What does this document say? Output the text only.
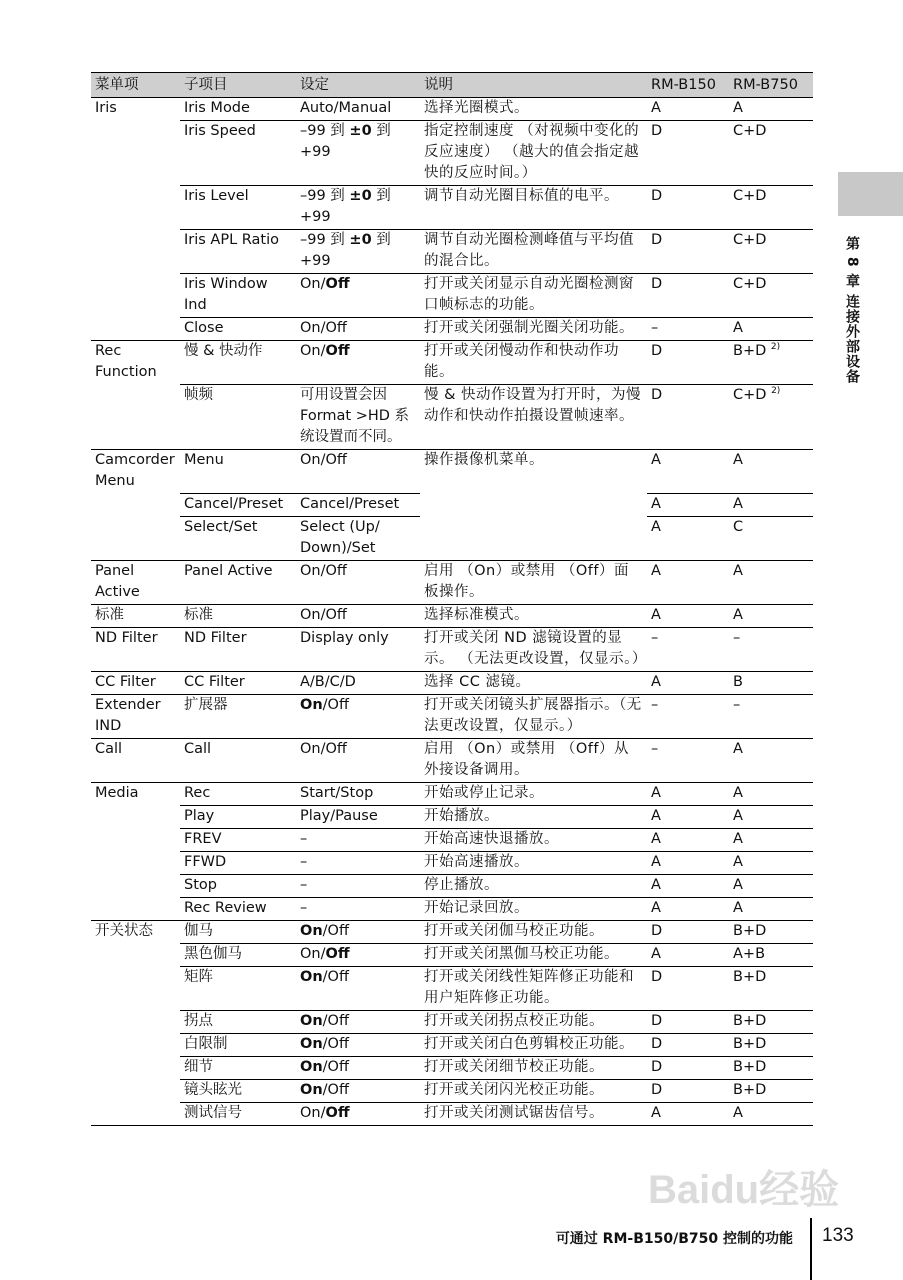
菜单项	子项目	设定	说明	RM-B150	RM-B750
Iris	Iris Mode	Auto/Manual	选择光圈模式。	A	A
	Iris Speed	–99 到 ±0 到 +99	指定控制速度 （对视频中变化的反应速度） （越大的值会指定越快的反应时间。）	D	C+D
	Iris Level	–99 到 ±0 到 +99	调节自动光圈目标值的电平。	D	C+D
	Iris APL Ratio	–99 到 ±0 到 +99	调节自动光圈检测峰值与平均值的混合比。	D	C+D
	Iris Window Ind	On/Off	打开或关闭显示自动光圈检测窗口帧标志的功能。	D	C+D
	Close	On/Off	打开或关闭强制光圈关闭功能。	–	A
Rec Function	慢 & 快动作	On/Off	打开或关闭慢动作和快动作功能。	D	B+D $^{2)}$
	帧频	可用设置会因 Format >HD 系统设置而不同。	慢 & 快动作设置为打开时，为慢动作和快动作拍摄设置帧速率。	D	C+D $^{2)}$
Camcorder Menu	Menu	On/Off	操作摄像机菜单。	A	A
	Cancel/Preset	Cancel/Preset		A	A
	Select/Set	Select (Up/ Down)/Set		A	C
Panel Active	Panel Active	On/Off	启用 （On）或禁用 （Off）面板操作。	A	A
标准	标准	On/Off	选择标准模式。	A	A
ND Filter	ND Filter	Display only	打开或关闭 ND 滤镜设置的显示。 （无法更改设置，仅显示。）	–	–
CC Filter	CC Filter	A/B/C/D	选择 CC 滤镜。	A	B
Extender IND	扩展器	On/Off	打开或关闭镜头扩展器指示。（无法更改设置，仅显示。）	–	–
Call	Call	On/Off	启用 （On）或禁用 （Off）从外接设备调用。	–	A
Media	Rec	Start/Stop	开始或停止记录。	A	A
	Play	Play/Pause	开始播放。	A	A
	FREV	–	开始高速快退播放。	A	A
	FFWD	–	开始高速播放。	A	A
	Stop	–	停止播放。	A	A
	Rec Review	–	开始记录回放。	A	A
开关状态	伽马	On/Off	打开或关闭伽马校正功能。	D	B+D
	黑色伽马	On/Off	打开或关闭黑伽马校正功能。	A	A+B
	矩阵	On/Off	打开或关闭线性矩阵修正功能和用户矩阵修正功能。	D	B+D
	拐点	On/Off	打开或关闭拐点校正功能。	D	B+D
	白限制	On/Off	打开或关闭白色剪辑校正功能。	D	B+D
	细节	On/Off	打开或关闭细节校正功能。	D	B+D
	镜头眩光	On/Off	打开或关闭闪光校正功能。	D	B+D
	测试信号	On/Off	打开或关闭测试锯齿信号。	A	A
第 8 章 连接外部设备
可通过 RM-B150/B750 控制的功能 133
Baidu经验
